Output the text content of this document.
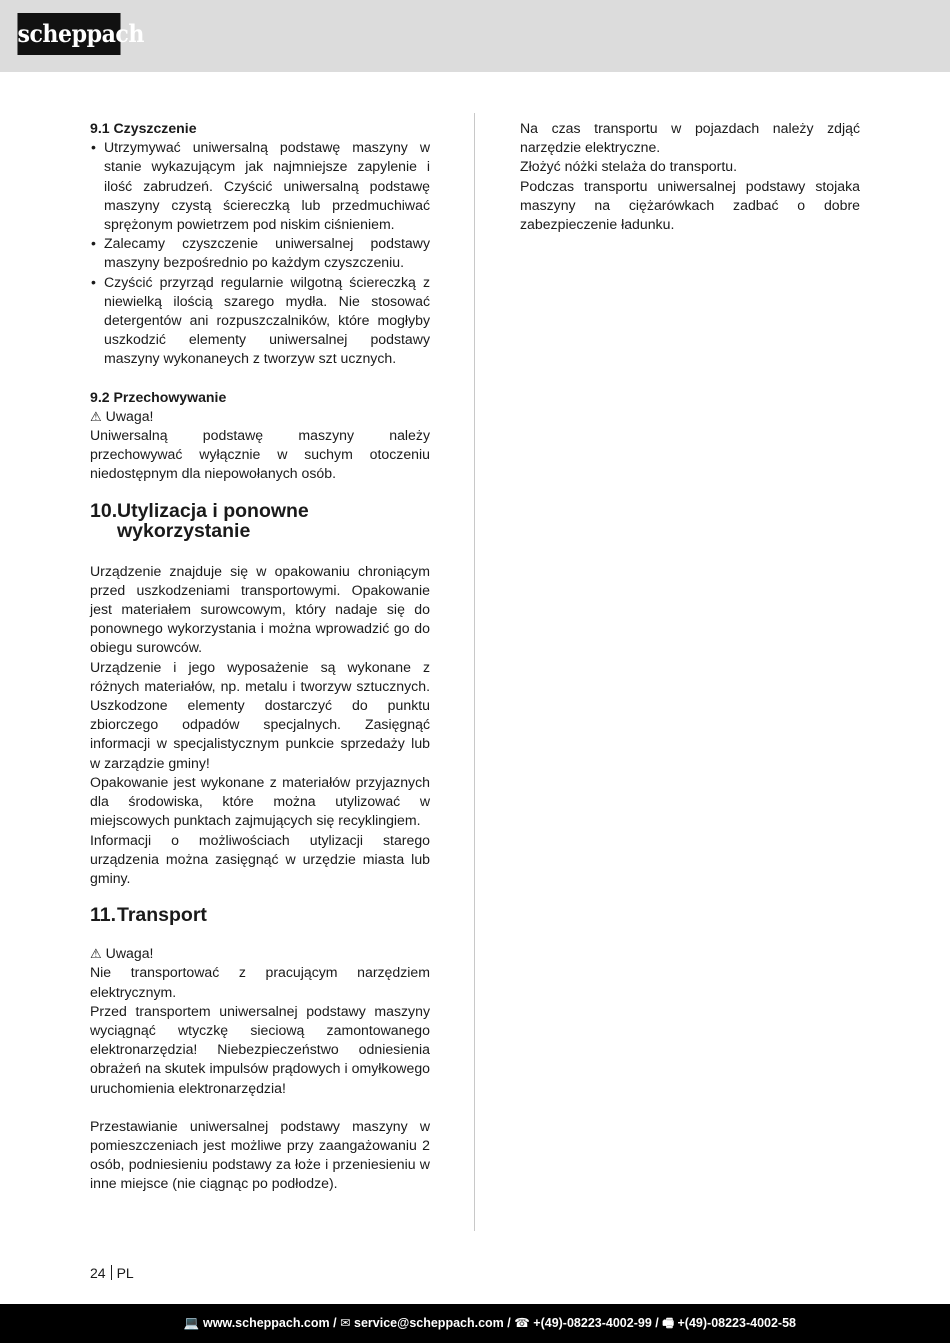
scheppach

9.1 Czyszczenie

• Utrzymywać uniwersalną podstawę maszyny w stanie wykazującym jak najmniejsze zapylenie i ilość zabrudzeń. Czyścić uniwersalną podstawę maszyny czystą ściereczką lub przedmuchiwać sprężonym powietrzem pod niskim ciśnieniem.
• Zalecamy czyszczenie uniwersalnej podstawy maszyny bezpośrednio po każdym czyszczeniu.
• Czyścić przyrząd regularnie wilgotną ściereczką z niewielką ilością szarego mydła. Nie stosować detergentów ani rozpuszczalników, które mogłyby uszkodzić elementy uniwersalnej podstawy maszyny wykonaneych z tworzyw szt ucznych.

9.2 Przechowywanie

⚠ Uwaga!

Uniwersalną podstawę maszyny należy przechowywać wyłącznie w suchym otoczeniu niedostępnym dla niepowołanych osób.

10. Utylizacja i ponowne
wykorzystanie

Urządzenie znajduje się w opakowaniu chroniącym przed uszkodzeniami transportowymi. Opakowanie jest materiałem surowcowym, który nadaje się do ponownego wykorzystania i można wprowadzić go do obiegu surowców.

Urządzenie i jego wyposażenie są wykonane z różnych materiałów, np. metalu i tworzyw sztucznych. Uszkodzone elementy dostarczyć do punktu zbiorczego odpadów specjalnych. Zasięgnąć informacji w specjalistycznym punkcie sprzedaży lub w zarządzie gminy!

Opakowanie jest wykonane z materiałów przyjaznych dla środowiska, które można utylizować w miejscowych punktach zajmujących się recyklingiem.

Informacji o możliwościach utylizacji starego urządzenia można zasięgnąć w urzędzie miasta lub gminy.

11. Transport
⚠ Uwaga!

Nie transportować z pracującym narzędziem elektrycznym.

Przed transportem uniwersalnej podstawy maszyny wyciągnąć wtyczkę sieciową zamontowanego elektronarzędzia! Niebezpieczeństwo odniesienia obrażeń na skutek impulsów prądowych i omyłkowego uruchomienia elektronarzędzia!

Przestawianie uniwersalnej podstawy maszyny w pomieszczeniach jest możliwe przy zaangażowaniu 2 osób, podniesieniu podstawy za łoże i przeniesieniu w inne miejsce (nie ciągnąc po podłodze).

Na czas transportu w pojazdach należy zdjąć narzędzie elektryczne.

Złożyć nóżki stelaża do transportu.

Podczas transportu uniwersalnej podstawy stojaka maszyny na ciężarówkach zadbać o dobre zabezpieczenie ładunku.

24 PL
💻 www.scheppach.com / ✉ service@scheppach.com / ☎ +(49)-08223-4002-99 / 🖷 +(49)-08223-4002-58
